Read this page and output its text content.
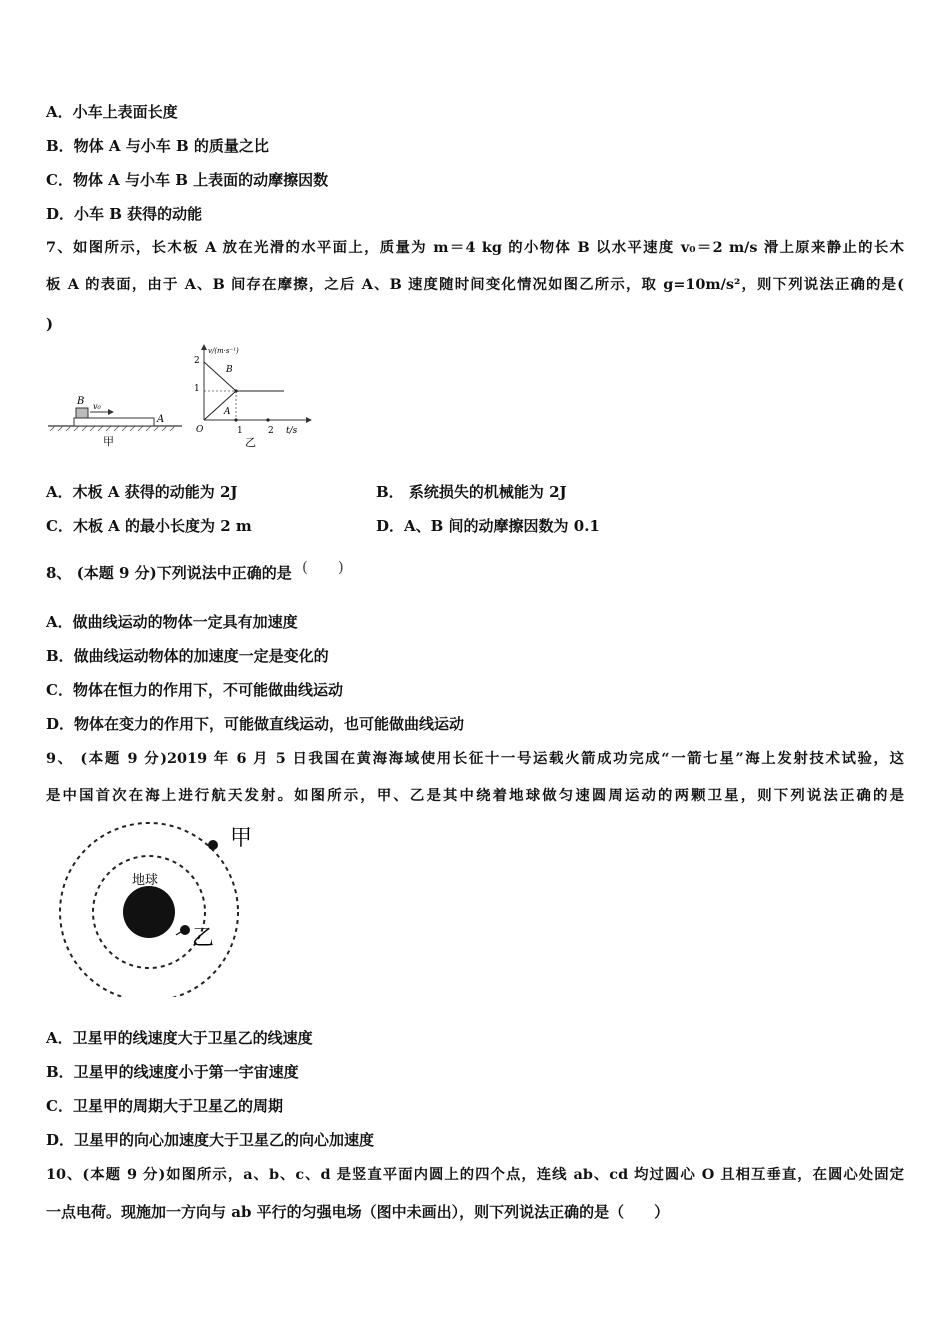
A．小车上表面长度
B．物体 A 与小车 B 的质量之比
C．物体 A 与小车 B 上表面的动摩擦因数
D．小车 B 获得的动能
7、如图所示，长木板 A 放在光滑的水平面上，质量为 m＝4 kg 的小物体 B 以水平速度 v₀＝2 m/s 滑上原来静止的长木
板 A 的表面，由于 A、B 间存在摩擦，之后 A、B 速度随时间变化情况如图乙所示，取 g=10m/s²，则下列说法正确的是(
)
B v₀
A
甲
v/(m·s⁻¹)
2
1
O	1	2 t/s
B
A
乙
A．木板 A 获得的动能为 2J	B． 系统损失的机械能为 2J
C．木板 A 的最小长度为 2 m	D．A、B 间的动摩擦因数为 0.1
8、 (本题 9 分)下列说法中正确的是 (　　)
A．做曲线运动的物体一定具有加速度
B．做曲线运动物体的加速度一定是变化的
C．物体在恒力的作用下，不可能做曲线运动
D．物体在变力的作用下，可能做直线运动，也可能做曲线运动
9、 (本题 9 分)2019 年 6 月 5 日我国在黄海海域使用长征十一号运载火箭成功完成“一箭七星”海上发射技术试验，这
是中国首次在海上进行航天发射。如图所示，甲、乙是其中绕着地球做匀速圆周运动的两颗卫星，则下列说法正确的是
地球
甲
乙
A．卫星甲的线速度大于卫星乙的线速度
B．卫星甲的线速度小于第一宇宙速度
C．卫星甲的周期大于卫星乙的周期
D．卫星甲的向心加速度大于卫星乙的向心加速度
10、(本题 9 分)如图所示，a、b、c、d 是竖直平面内圆上的四个点，连线 ab、cd 均过圆心 O 且相互垂直，在圆心处固定
一点电荷。现施加一方向与 ab 平行的匀强电场（图中未画出），则下列说法正确的是（　　）
